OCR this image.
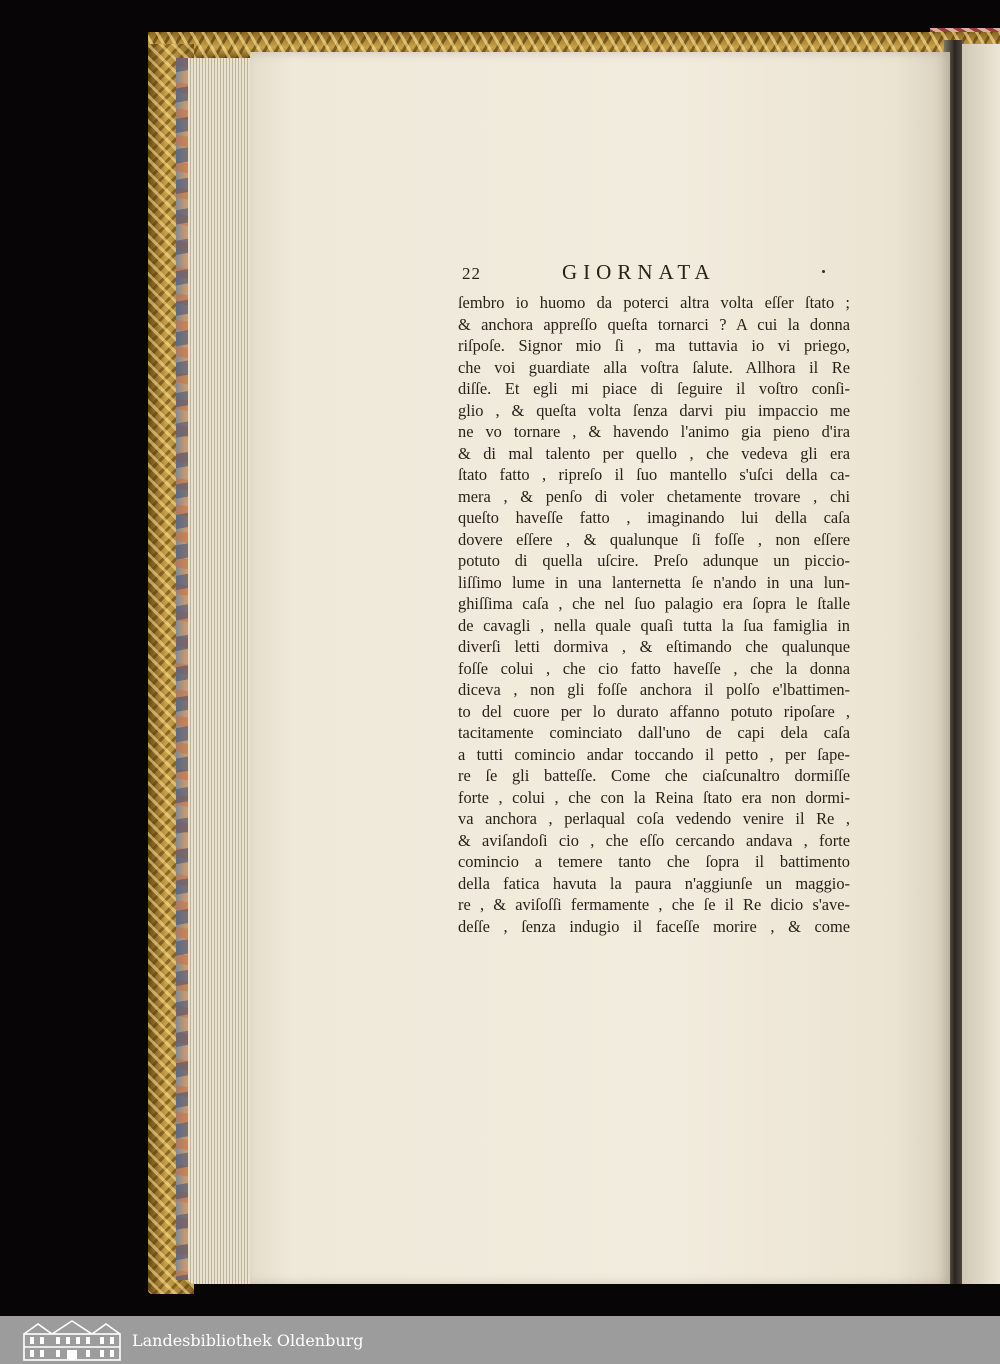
22	GIORNATA
ſembro io huomo da poterci altra volta eſſer ſtato ;
& anchora appreſſo queſta tornarci ? A cui la donna
riſpoſe. Signor mio ſi , ma tuttavia io vi priego,
che voi guardiate alla voſtra ſalute. Allhora il Re
diſſe. Et egli mi piace di ſeguire il voſtro conſi-
glio , & queſta volta ſenza darvi piu impaccio me
ne vo tornare , & havendo l'animo gia pieno d'ira
& di mal talento per quello , che vedeva gli era
ſtato fatto , ripreſo il ſuo mantello s'uſci della ca-
mera , & penſo di voler chetamente trovare , chi
queſto haveſſe fatto , imaginando lui della caſa
dovere eſſere , & qualunque ſi foſſe , non eſſere
potuto di quella uſcire. Preſo adunque un piccio-
liſſimo lume in una lanternetta ſe n'ando in una lun-
ghiſſima caſa , che nel ſuo palagio era ſopra le ſtalle
de cavagli , nella quale quaſi tutta la ſua famiglia in
diverſi letti dormiva , & eſtimando che qualunque
foſſe colui , che cio fatto haveſſe , che la donna
diceva , non gli foſſe anchora il polſo e'lbattimen-
to del cuore per lo durato affanno potuto ripoſare ,
tacitamente cominciato dall'uno de capi dela caſa
a tutti comincio andar toccando il petto , per ſape-
re ſe gli batteſſe. Come che ciaſcunaltro dormiſſe
forte , colui , che con la Reina ſtato era non dormi-
va anchora , perlaqual coſa vedendo venire il Re ,
& aviſandoſi cio , che eſſo cercando andava , forte
comincio a temere tanto che ſopra il battimento
della fatica havuta la paura n'aggiunſe un maggio-
re , & aviſoſſi fermamente , che ſe il Re dicio s'ave-
deſſe , ſenza indugio il faceſſe morire , & come
Landesbibliothek Oldenburg
